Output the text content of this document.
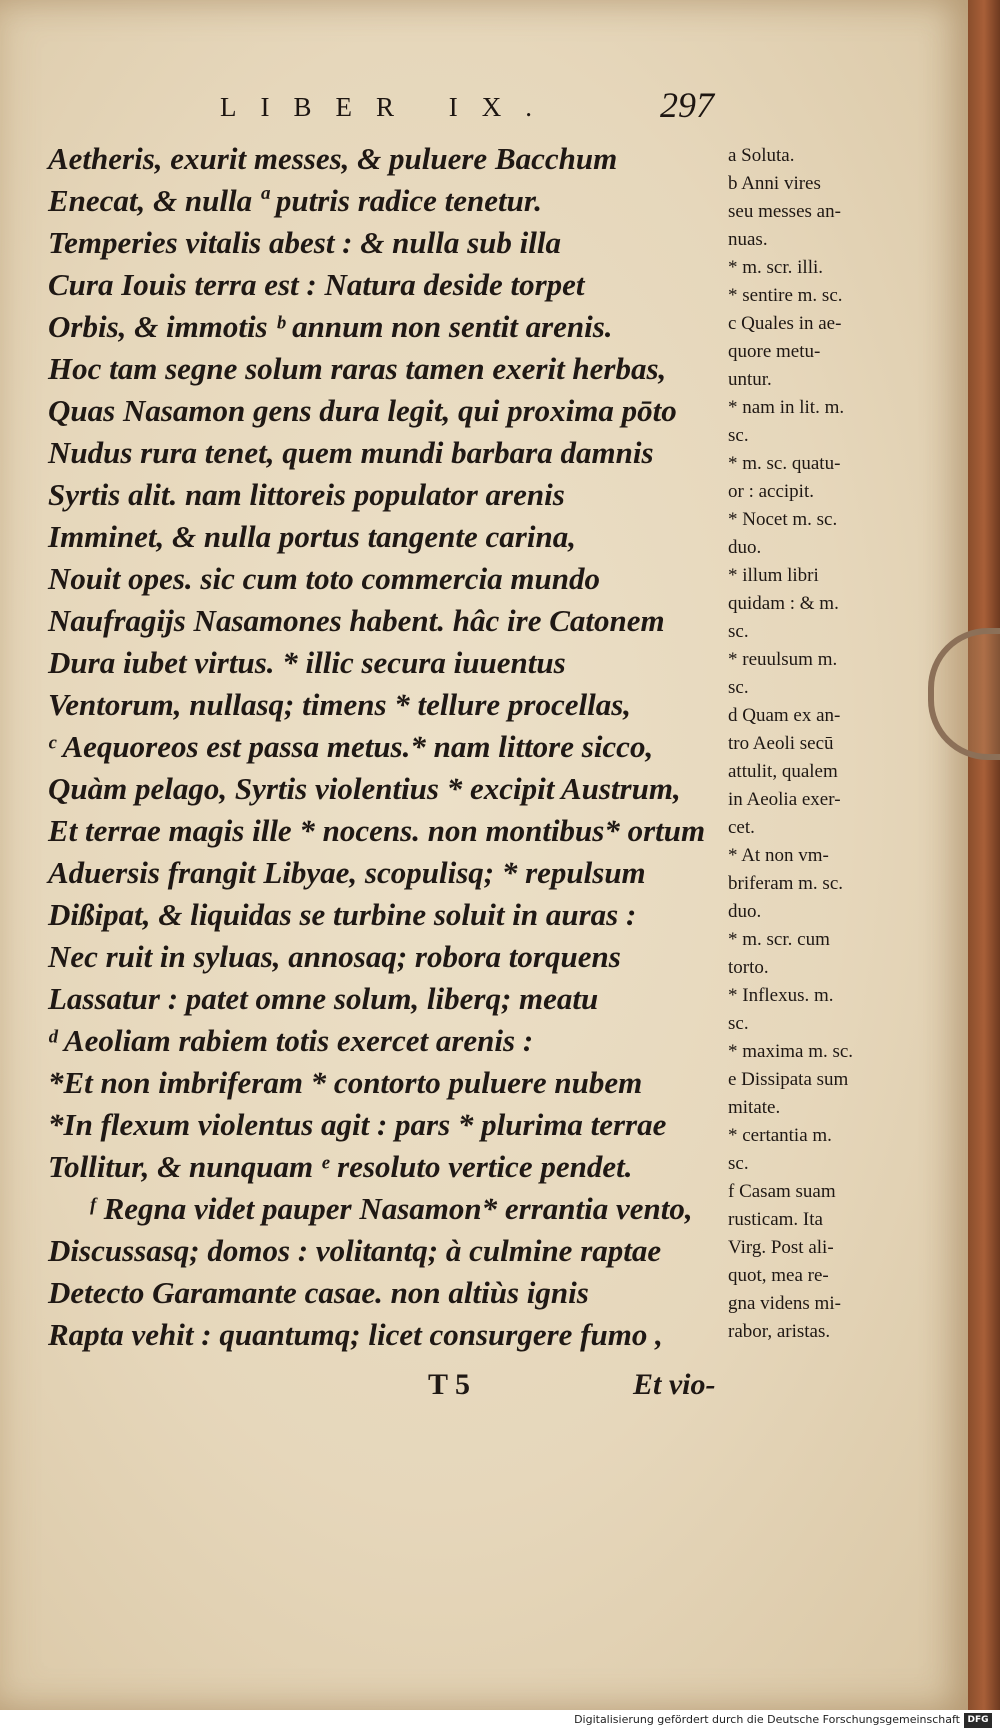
LIBER IX.	297
Aetheris, exurit messes, & puluere Bacchum
Enecat, & nulla ª putris radice tenetur.
Temperies vitalis abest : & nulla sub illa
Cura Iouis terra est : Natura deside torpet
Orbis, & immotis ᵇ annum non sentit arenis.
Hoc tam segne solum raras tamen exerit herbas,
Quas Nasamon gens dura legit, qui proxima pōto
Nudus rura tenet, quem mundi barbara damnis
Syrtis alit. nam littoreis populator arenis
Imminet, & nulla portus tangente carina,
Nouit opes. sic cum toto commercia mundo
Naufragijs Nasamones habent. hâc ire Catonem
Dura iubet virtus. * illic secura iuuentus
Ventorum, nullasq; timens * tellure procellas,
ᶜ Aequoreos est passa metus.* nam littore sicco,
Quàm pelago, Syrtis violentius * excipit Austrum,
Et terrae magis ille * nocens. non montibus* ortum
Aduersis frangit Libyae, scopulisq; * repulsum
Dißipat, & liquidas se turbine soluit in auras :
Nec ruit in syluas, annosaq; robora torquens
Lassatur : patet omne solum, liberq; meatu
ᵈ Aeoliam rabiem totis exercet arenis :
*Et non imbriferam * contorto puluere nubem
*In flexum violentus agit : pars * plurima terrae
Tollitur, & nunquam ᵉ resoluto vertice pendet.
ᶠ Regna videt pauper Nasamon* errantia vento,
Discussasq; domos : volitantq; à culmine raptae
Detecto Garamante casae. non altiùs ignis
Rapta vehit : quantumq; licet consurgere fumo ,
T 5	Et vio-
a Soluta.
b Anni vires
seu messes an-
nuas.
* m. scr. illi.
* sentire m. sc.
c Quales in ae-
quore metu-
untur.
* nam in lit. m.
sc.
* m. sc. quatu-
or : accipit.
* Nocet m. sc.
duo.
* illum libri
quidam : & m.
sc.
* reuulsum m.
sc.
d Quam ex an-
tro Aeoli secū
attulit, qualem
in Aeolia exer-
cet.
* At non vm-
briferam m. sc.
duo.
* m. scr. cum
torto.
* Inflexus. m.
sc.
* maxima m. sc.
e Dissipata sum
mitate.
* certantia m.
sc.
f Casam suam
rusticam. Ita
Virg. Post ali-
quot, mea re-
gna videns mi-
rabor, aristas.
Digitalisierung gefördert durch die Deutsche Forschungsgemeinschaft DFG
